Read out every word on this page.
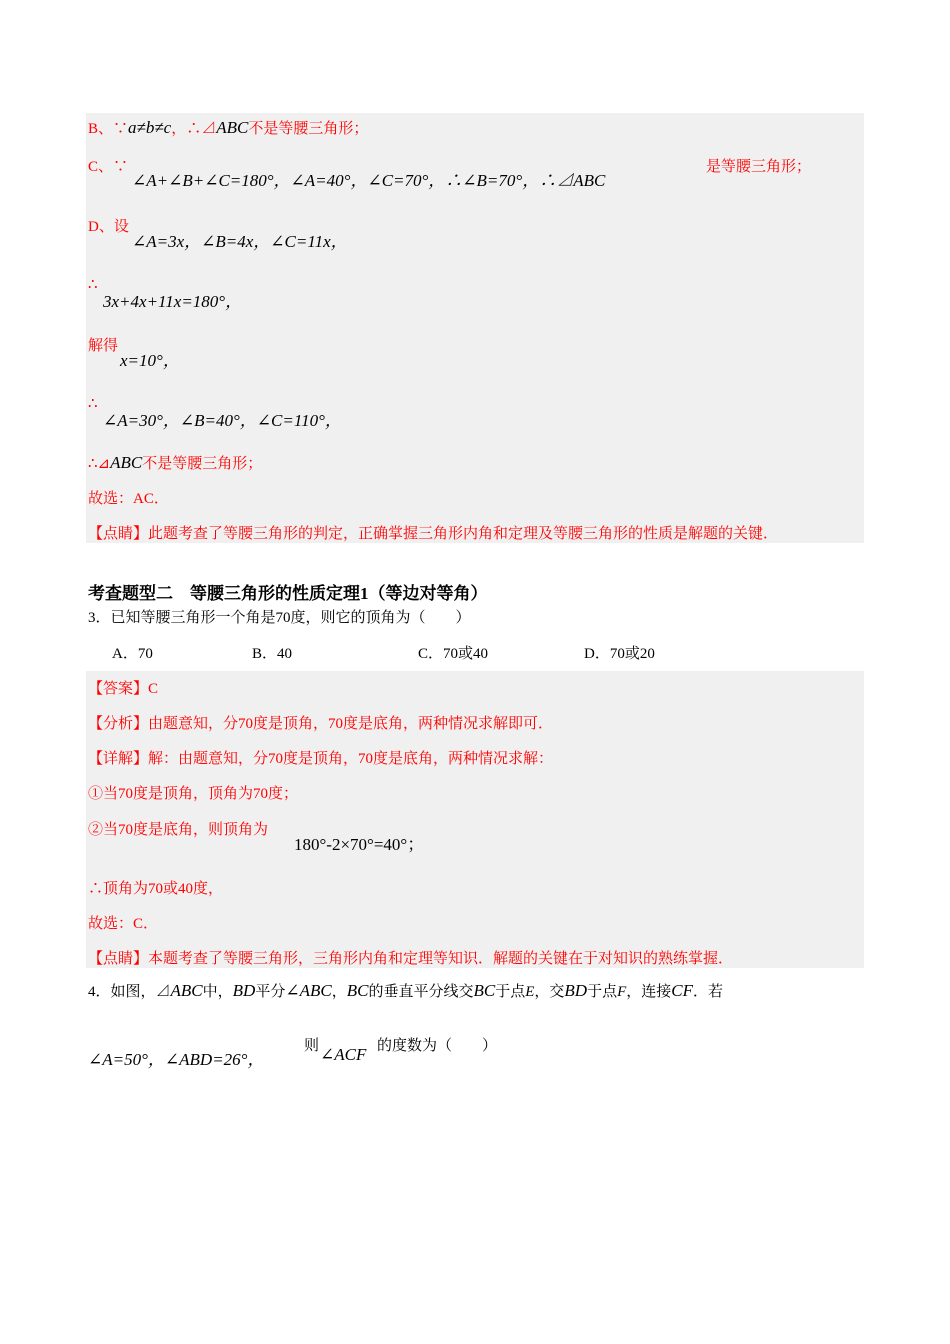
B、∵a≠b≠c，∴⊿ABC不是等腰三角形；
C、∵
∠A+∠B+∠C=180°，∠A=40°，∠C=70°，∴∠B=70°，∴⊿ABC
是等腰三角形；
D、设
∠A=3x，∠B=4x，∠C=11x，
∴
3x+4x+11x=180°，
解得
x=10°，
∴
∠A=30°，∠B=40°，∠C=110°，
∴⊿ABC不是等腰三角形；
故选：AC．
【点睛】此题考查了等腰三角形的判定，正确掌握三角形内角和定理及等腰三角形的性质是解题的关键．
考查题型二　等腰三角形的性质定理1（等边对等角）
3．已知等腰三角形一个角是70度，则它的顶角为（　　）
A．70	B．40	C．70或40	D．70或20
【答案】C
【分析】由题意知，分70度是顶角，70度是底角，两种情况求解即可．
【详解】解：由题意知，分70度是顶角，70度是底角，两种情况求解：
①当70度是顶角，顶角为70度；
②当70度是底角，则顶角为
180°-2×70°=40°；
∴顶角为70或40度，
故选：C．
【点睛】本题考查了等腰三角形，三角形内角和定理等知识．解题的关键在于对知识的熟练掌握．
4．如图，⊿ABC中，BD平分∠ABC，BC的垂直平分线交BC于点E，交BD于点F，连接CF．若
∠A=50°，∠ABD=26°，
则 ∠ACF 的度数为（　　）
